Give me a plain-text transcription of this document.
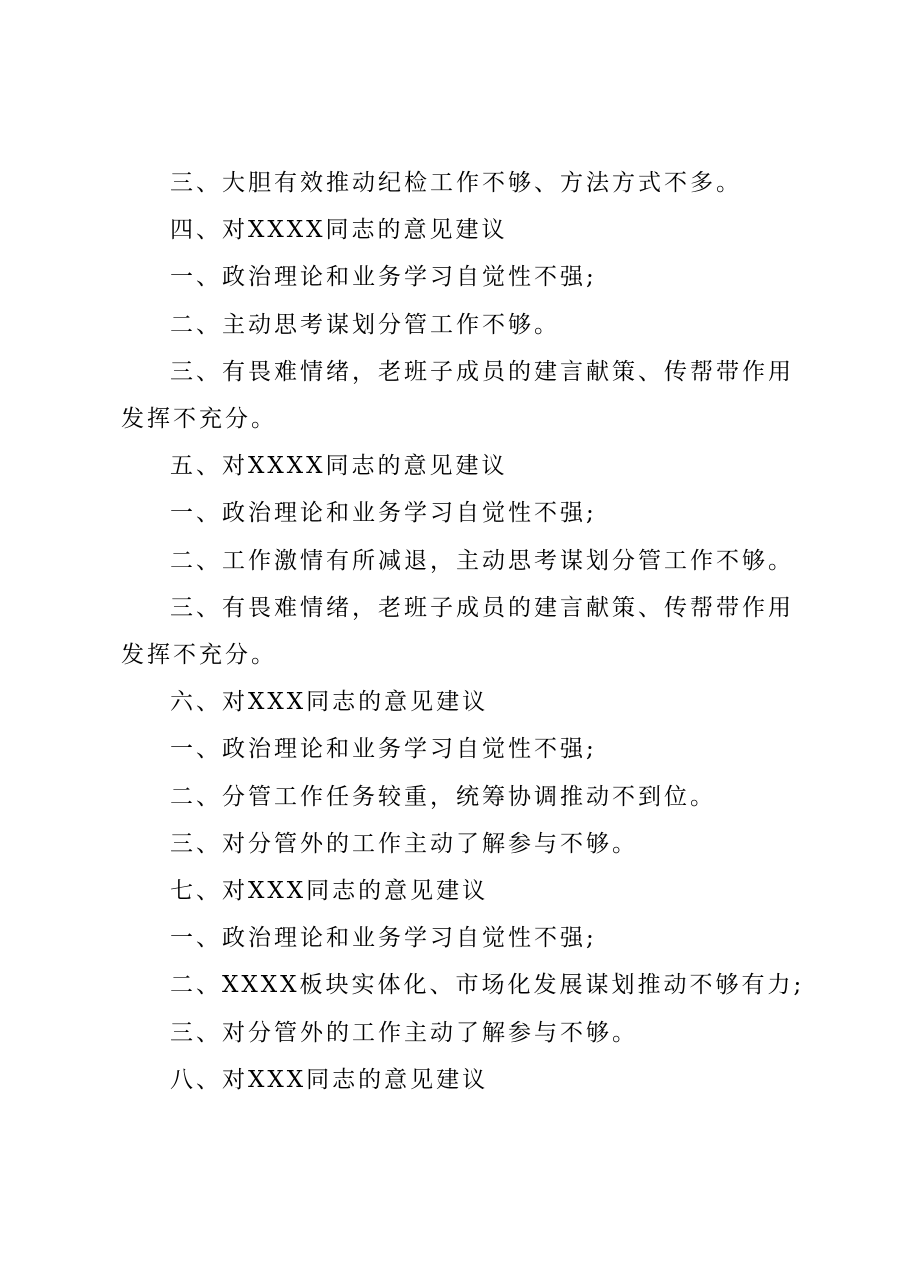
三、大胆有效推动纪检工作不够、方法方式不多。

四、对XXXX同志的意见建议

一、政治理论和业务学习自觉性不强;

二、主动思考谋划分管工作不够。

三、有畏难情绪，老班子成员的建言献策、传帮带作用发挥不充分。

五、对XXXX同志的意见建议

一、政治理论和业务学习自觉性不强;

二、工作激情有所减退，主动思考谋划分管工作不够。

三、有畏难情绪，老班子成员的建言献策、传帮带作用发挥不充分。

六、对XXX同志的意见建议

一、政治理论和业务学习自觉性不强;

二、分管工作任务较重，统筹协调推动不到位。

三、对分管外的工作主动了解参与不够。

七、对XXX同志的意见建议

一、政治理论和业务学习自觉性不强;

二、XXXX板块实体化、市场化发展谋划推动不够有力;

三、对分管外的工作主动了解参与不够。

八、对XXX同志的意见建议
